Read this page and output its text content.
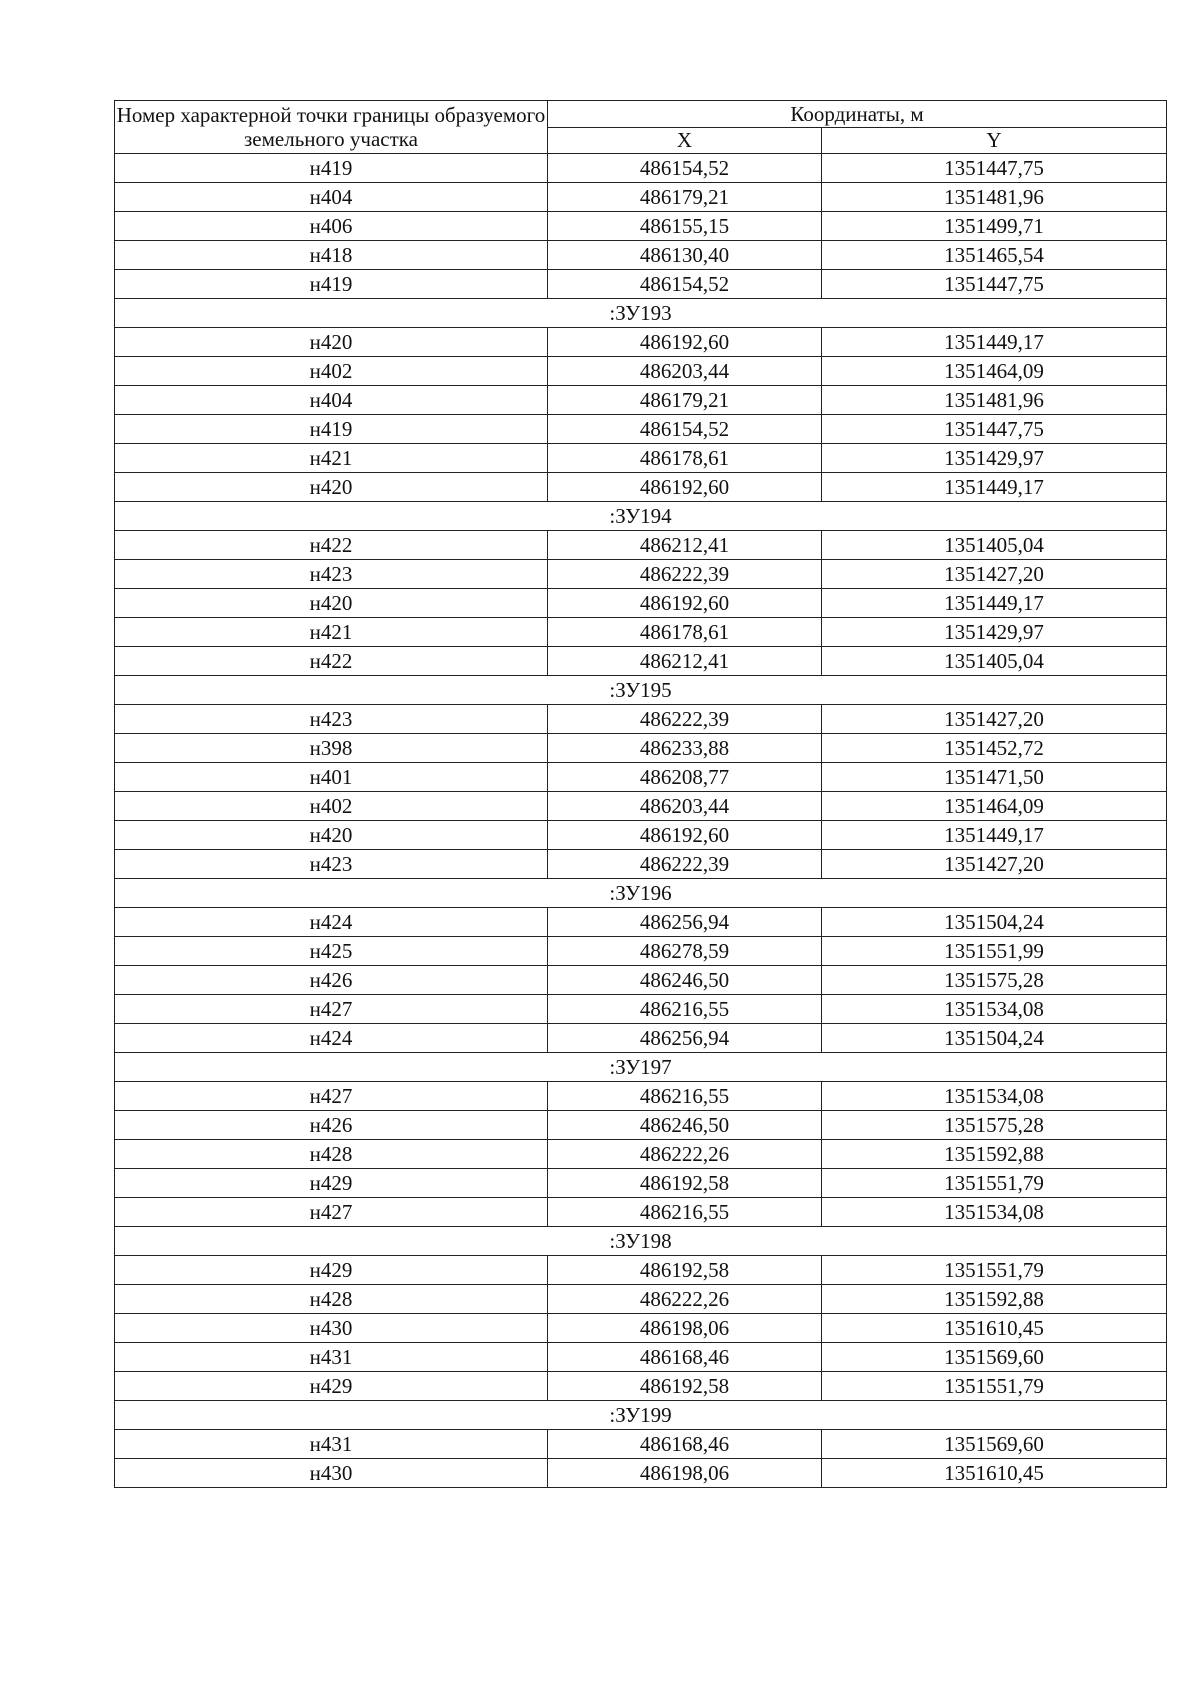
Номер характерной точки границы образуемого земельного участка	Координаты, м	
	X	Y
н419	486154,52	1351447,75
н404	486179,21	1351481,96
н406	486155,15	1351499,71
н418	486130,40	1351465,54
н419	486154,52	1351447,75
:ЗУ193		
н420	486192,60	1351449,17
н402	486203,44	1351464,09
н404	486179,21	1351481,96
н419	486154,52	1351447,75
н421	486178,61	1351429,97
н420	486192,60	1351449,17
:ЗУ194		
н422	486212,41	1351405,04
н423	486222,39	1351427,20
н420	486192,60	1351449,17
н421	486178,61	1351429,97
н422	486212,41	1351405,04
:ЗУ195		
н423	486222,39	1351427,20
н398	486233,88	1351452,72
н401	486208,77	1351471,50
н402	486203,44	1351464,09
н420	486192,60	1351449,17
н423	486222,39	1351427,20
:ЗУ196		
н424	486256,94	1351504,24
н425	486278,59	1351551,99
н426	486246,50	1351575,28
н427	486216,55	1351534,08
н424	486256,94	1351504,24
:ЗУ197		
н427	486216,55	1351534,08
н426	486246,50	1351575,28
н428	486222,26	1351592,88
н429	486192,58	1351551,79
н427	486216,55	1351534,08
:ЗУ198		
н429	486192,58	1351551,79
н428	486222,26	1351592,88
н430	486198,06	1351610,45
н431	486168,46	1351569,60
н429	486192,58	1351551,79
:ЗУ199		
н431	486168,46	1351569,60
н430	486198,06	1351610,45
